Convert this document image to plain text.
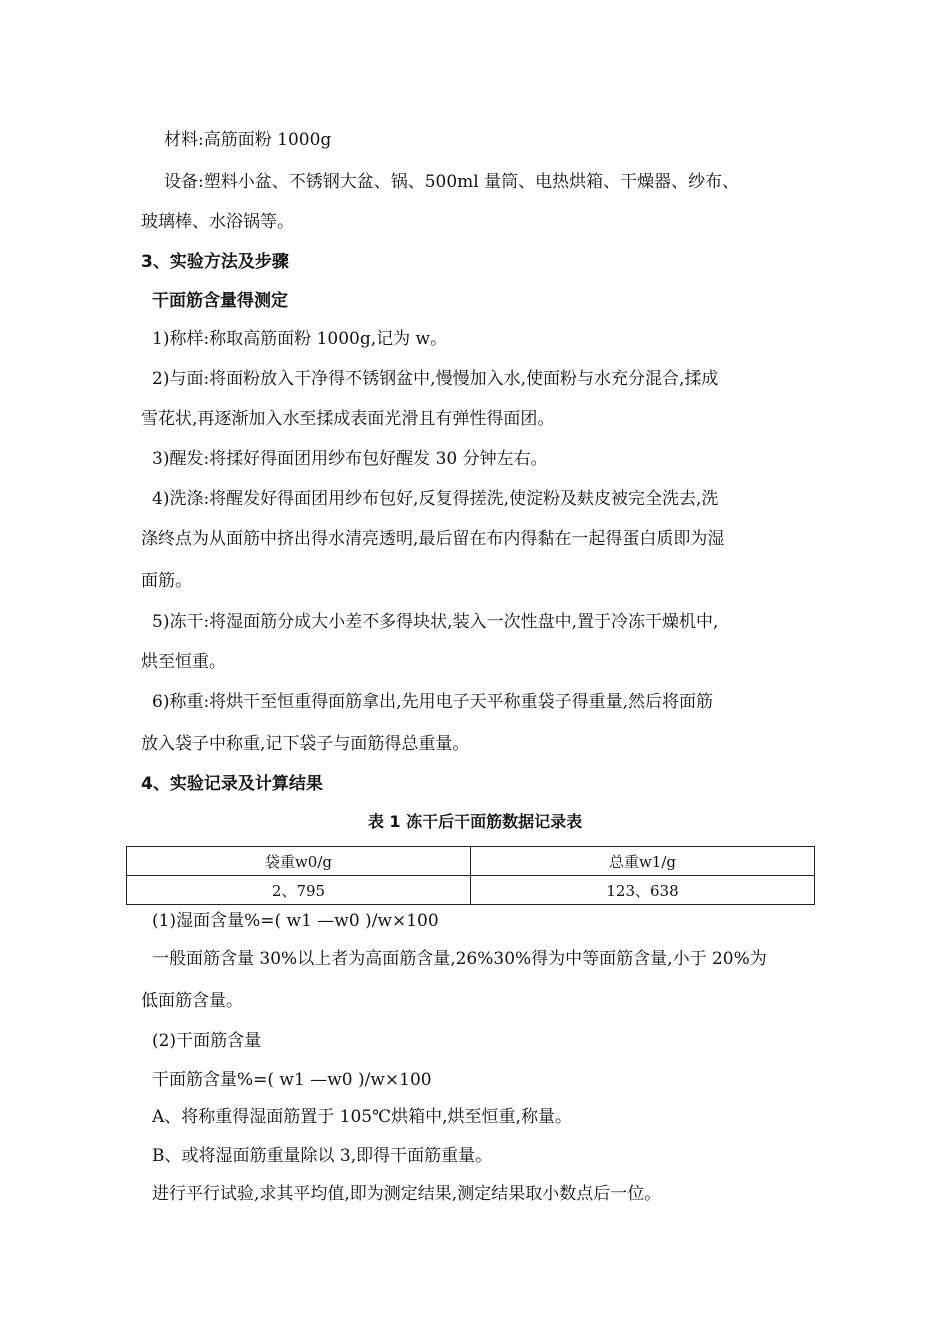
材料:高筋面粉 1000g
设备:塑料小盆、不锈钢大盆、锅、500ml 量筒、电热烘箱、干燥器、纱布、
玻璃棒、水浴锅等。
3、实验方法及步骤
干面筋含量得测定
1)称样:称取高筋面粉 1000g,记为 w。
2)与面:将面粉放入干净得不锈钢盆中,慢慢加入水,使面粉与水充分混合,揉成
雪花状,再逐渐加入水至揉成表面光滑且有弹性得面团。
3)醒发:将揉好得面团用纱布包好醒发 30 分钟左右。
4)洗涤:将醒发好得面团用纱布包好,反复得搓洗,使淀粉及麸皮被完全洗去,洗
涤终点为从面筋中挤出得水清亮透明,最后留在布内得黏在一起得蛋白质即为湿
面筋。
5)冻干:将湿面筋分成大小差不多得块状,装入一次性盘中,置于冷冻干燥机中,
烘至恒重。
6)称重:将烘干至恒重得面筋拿出,先用电子天平称重袋子得重量,然后将面筋
放入袋子中称重,记下袋子与面筋得总重量。
4、实验记录及计算结果
表 1 冻干后干面筋数据记录表
袋重w0/g	总重w1/g
2、795	123、638
(1)湿面含量%=( w1 —w0 )/w×100
一般面筋含量 30%以上者为高面筋含量,26%30%得为中等面筋含量,小于 20%为
低面筋含量。
(2)干面筋含量
干面筋含量%=( w1 —w0 )/w×100
A、将称重得湿面筋置于 105℃烘箱中,烘至恒重,称量。
B、或将湿面筋重量除以 3,即得干面筋重量。
进行平行试验,求其平均值,即为测定结果,测定结果取小数点后一位。
